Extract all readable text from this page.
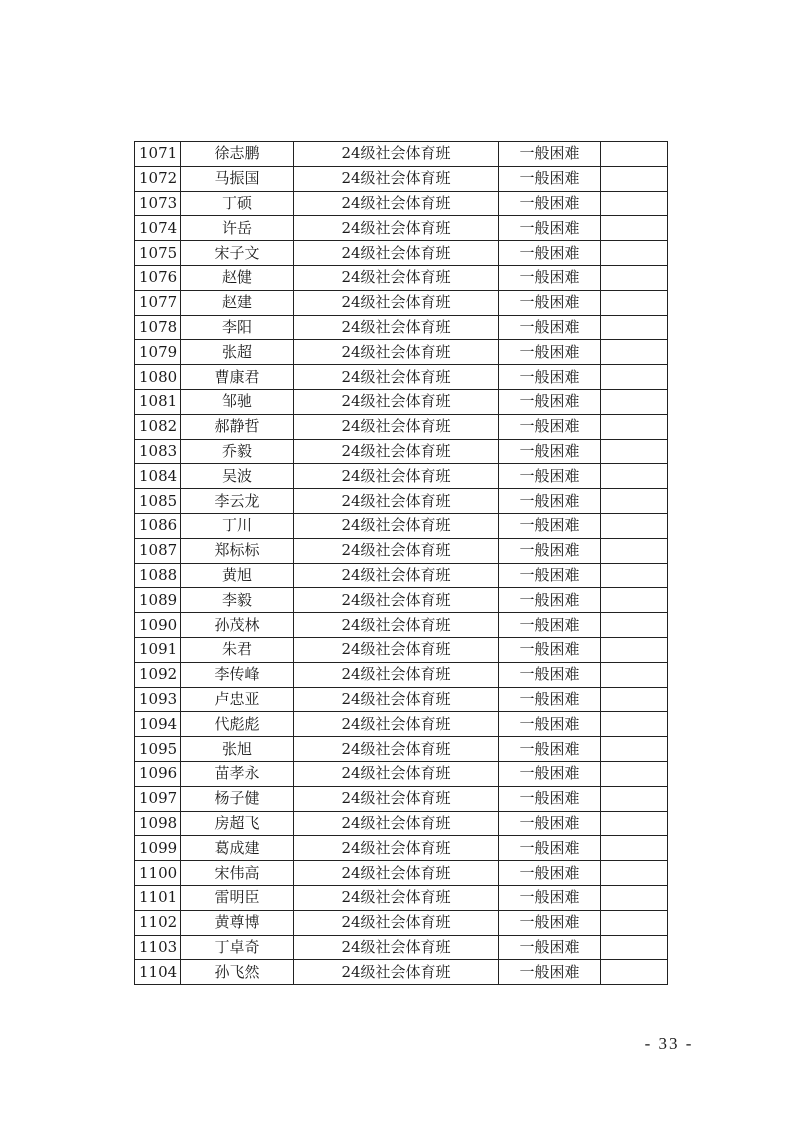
1071	徐志鹏	24级社会体育班	一般困难	
1072	马振国	24级社会体育班	一般困难	
1073	丁硕	24级社会体育班	一般困难	
1074	许岳	24级社会体育班	一般困难	
1075	宋子文	24级社会体育班	一般困难	
1076	赵健	24级社会体育班	一般困难	
1077	赵建	24级社会体育班	一般困难	
1078	李阳	24级社会体育班	一般困难	
1079	张超	24级社会体育班	一般困难	
1080	曹康君	24级社会体育班	一般困难	
1081	邹驰	24级社会体育班	一般困难	
1082	郝静哲	24级社会体育班	一般困难	
1083	乔毅	24级社会体育班	一般困难	
1084	吴波	24级社会体育班	一般困难	
1085	李云龙	24级社会体育班	一般困难	
1086	丁川	24级社会体育班	一般困难	
1087	郑标标	24级社会体育班	一般困难	
1088	黄旭	24级社会体育班	一般困难	
1089	李毅	24级社会体育班	一般困难	
1090	孙茂林	24级社会体育班	一般困难	
1091	朱君	24级社会体育班	一般困难	
1092	李传峰	24级社会体育班	一般困难	
1093	卢忠亚	24级社会体育班	一般困难	
1094	代彪彪	24级社会体育班	一般困难	
1095	张旭	24级社会体育班	一般困难	
1096	苗孝永	24级社会体育班	一般困难	
1097	杨子健	24级社会体育班	一般困难	
1098	房超飞	24级社会体育班	一般困难	
1099	葛成建	24级社会体育班	一般困难	
1100	宋伟高	24级社会体育班	一般困难	
1101	雷明臣	24级社会体育班	一般困难	
1102	黄尊博	24级社会体育班	一般困难	
1103	丁卓奇	24级社会体育班	一般困难	
1104	孙飞然	24级社会体育班	一般困难	
- 33 -
